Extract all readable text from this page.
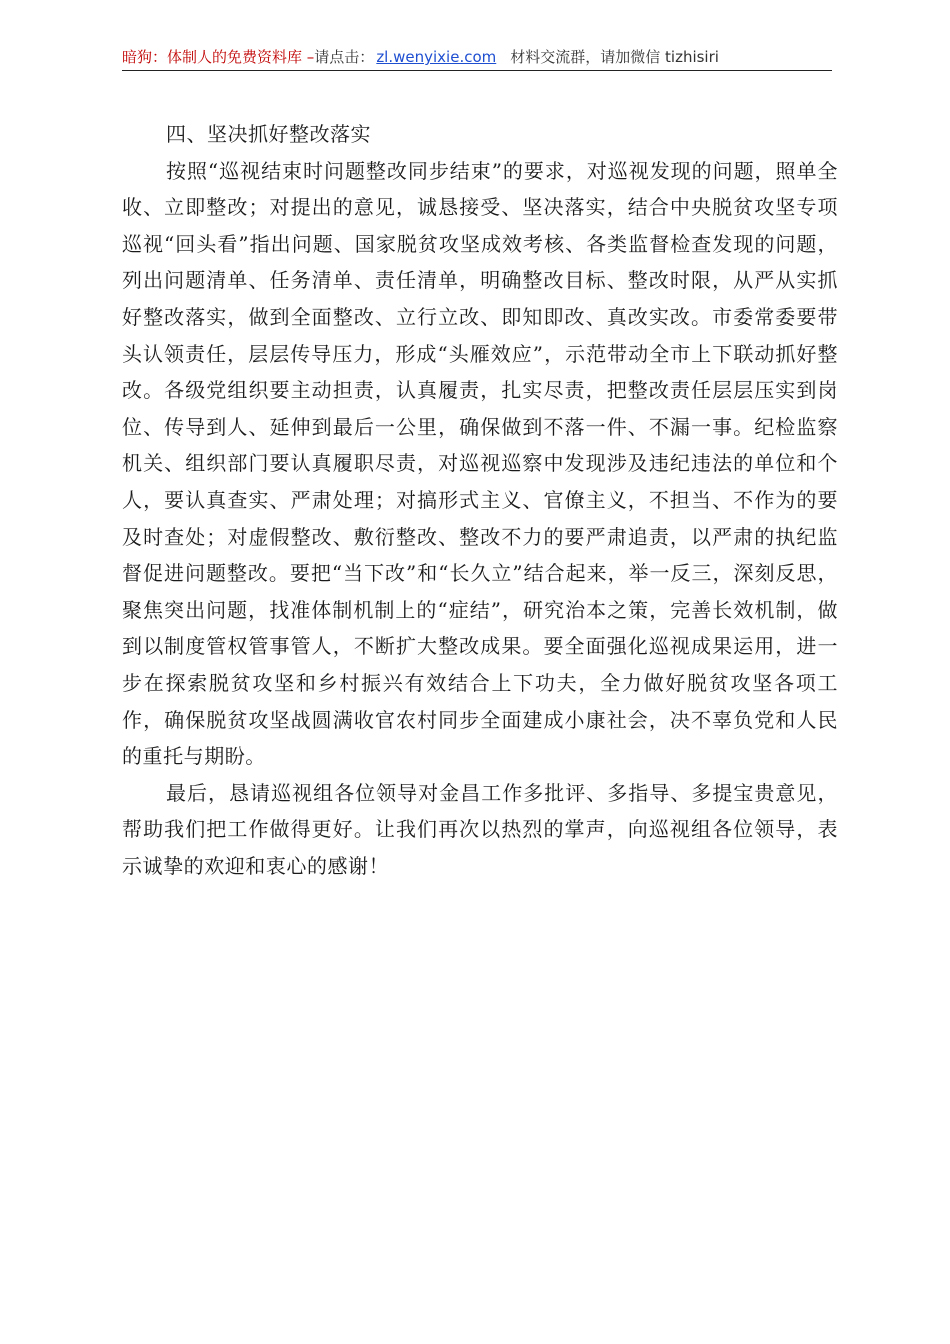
暗狗：体制人的免费资料库 –请点击： zl.wenyixie.com 材料交流群，请加微信 tizhisiri
四、坚决抓好整改落实

按照“巡视结束时问题整改同步结束”的要求，对巡视发现的问题，照单全收、立即整改；对提出的意见，诚恳接受、坚决落实，结合中央脱贫攻坚专项巡视“回头看”指出问题、国家脱贫攻坚成效考核、各类监督检查发现的问题，列出问题清单、任务清单、责任清单，明确整改目标、整改时限，从严从实抓好整改落实，做到全面整改、立行立改、即知即改、真改实改。市委常委要带头认领责任，层层传导压力，形成“头雁效应”，示范带动全市上下联动抓好整改。各级党组织要主动担责，认真履责，扎实尽责，把整改责任层层压实到岗位、传导到人、延伸到最后一公里，确保做到不落一件、不漏一事。纪检监察机关、组织部门要认真履职尽责，对巡视巡察中发现涉及违纪违法的单位和个人，要认真查实、严肃处理；对搞形式主义、官僚主义，不担当、不作为的要及时查处；对虚假整改、敷衍整改、整改不力的要严肃追责，以严肃的执纪监督促进问题整改。要把“当下改”和“长久立”结合起来，举一反三，深刻反思，聚焦突出问题，找准体制机制上的“症结”，研究治本之策，完善长效机制，做到以制度管权管事管人，不断扩大整改成果。要全面强化巡视成果运用，进一步在探索脱贫攻坚和乡村振兴有效结合上下功夫，全力做好脱贫攻坚各项工作，确保脱贫攻坚战圆满收官农村同步全面建成小康社会，决不辜负党和人民的重托与期盼。

最后，恳请巡视组各位领导对金昌工作多批评、多指导、多提宝贵意见，帮助我们把工作做得更好。让我们再次以热烈的掌声，向巡视组各位领导，表示诚挚的欢迎和衷心的感谢！
